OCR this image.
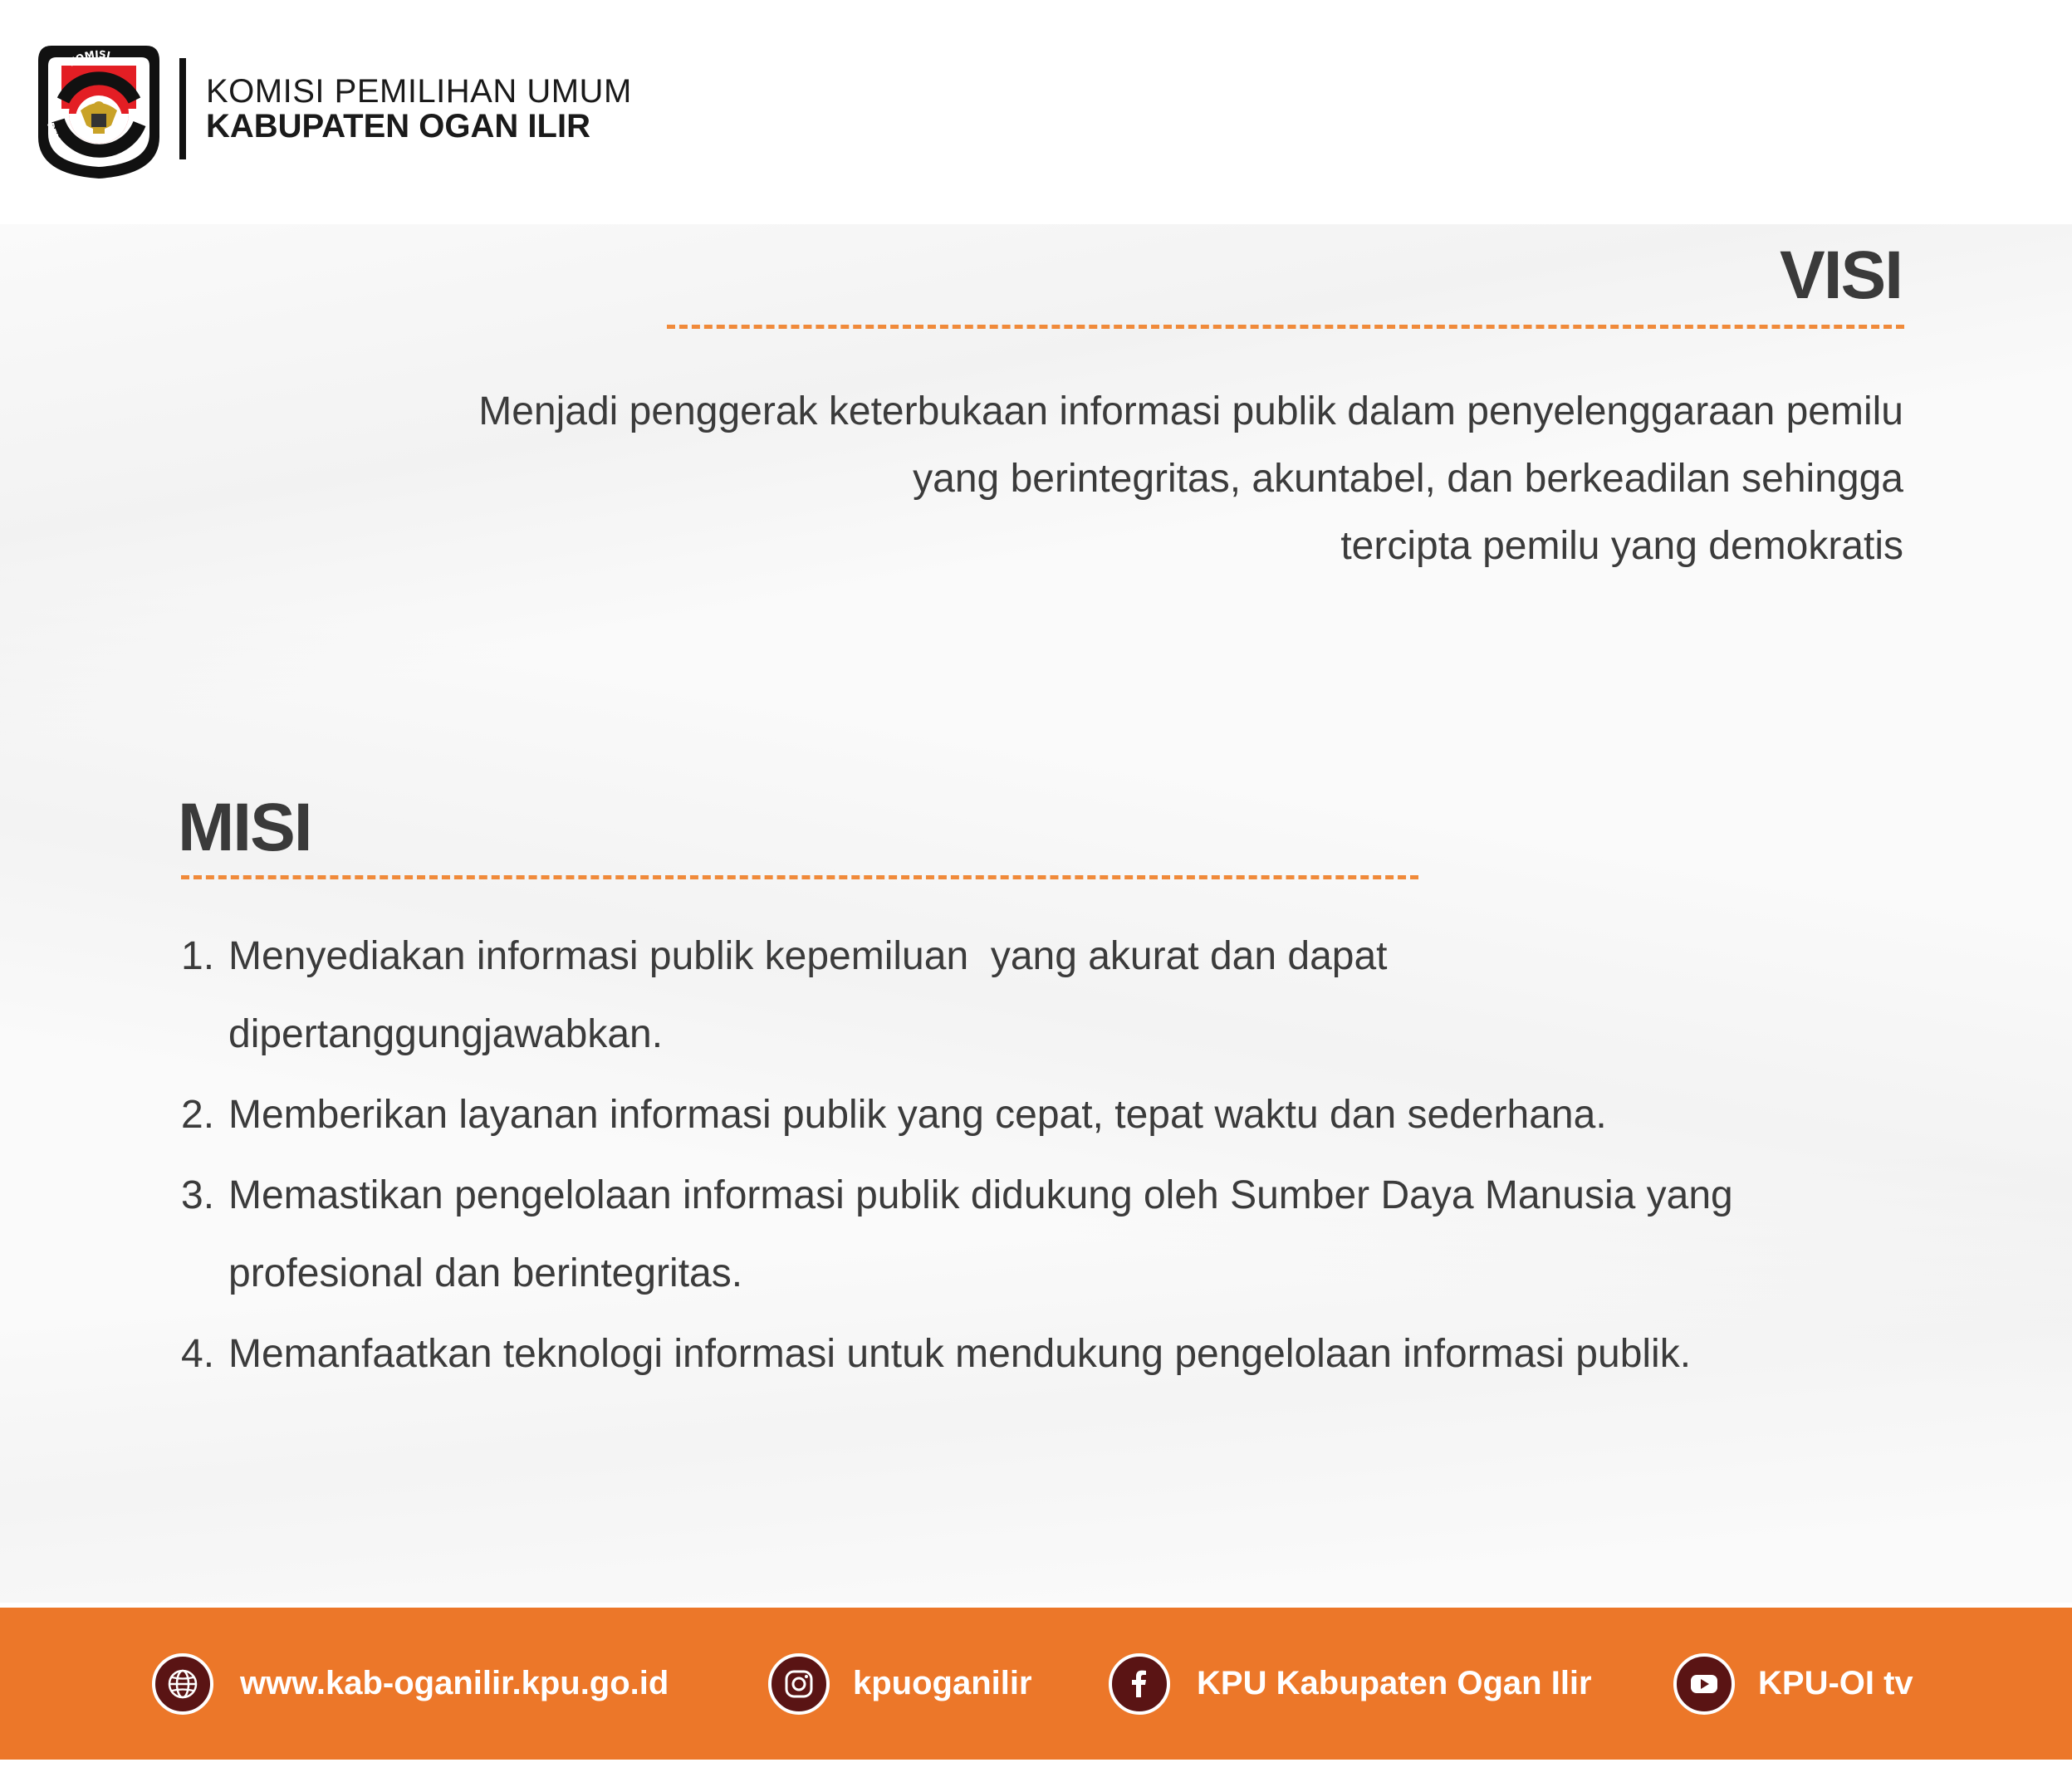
KOMISI
PEMILIHAN UMUM
KOMISI PEMILIHAN UMUM
KABUPATEN OGAN ILIR
VISI
Menjadi penggerak keterbukaan informasi publik dalam penyelenggaraan pemilu
yang berintegritas, akuntabel, dan berkeadilan sehingga
tercipta pemilu yang demokratis
MISI
1. Menyediakan informasi publik kepemiluan  yang akurat dan dapat
dipertanggungjawabkan.
2. Memberikan layanan informasi publik yang cepat, tepat waktu dan sederhana.
3. Memastikan pengelolaan informasi publik didukung oleh Sumber Daya Manusia yang
profesional dan berintegritas.
4. Memanfaatkan teknologi informasi untuk mendukung pengelolaan informasi publik.
www.kab-oganilir.kpu.go.id	kpuoganilir	KPU Kabupaten Ogan Ilir	KPU-OI tv
